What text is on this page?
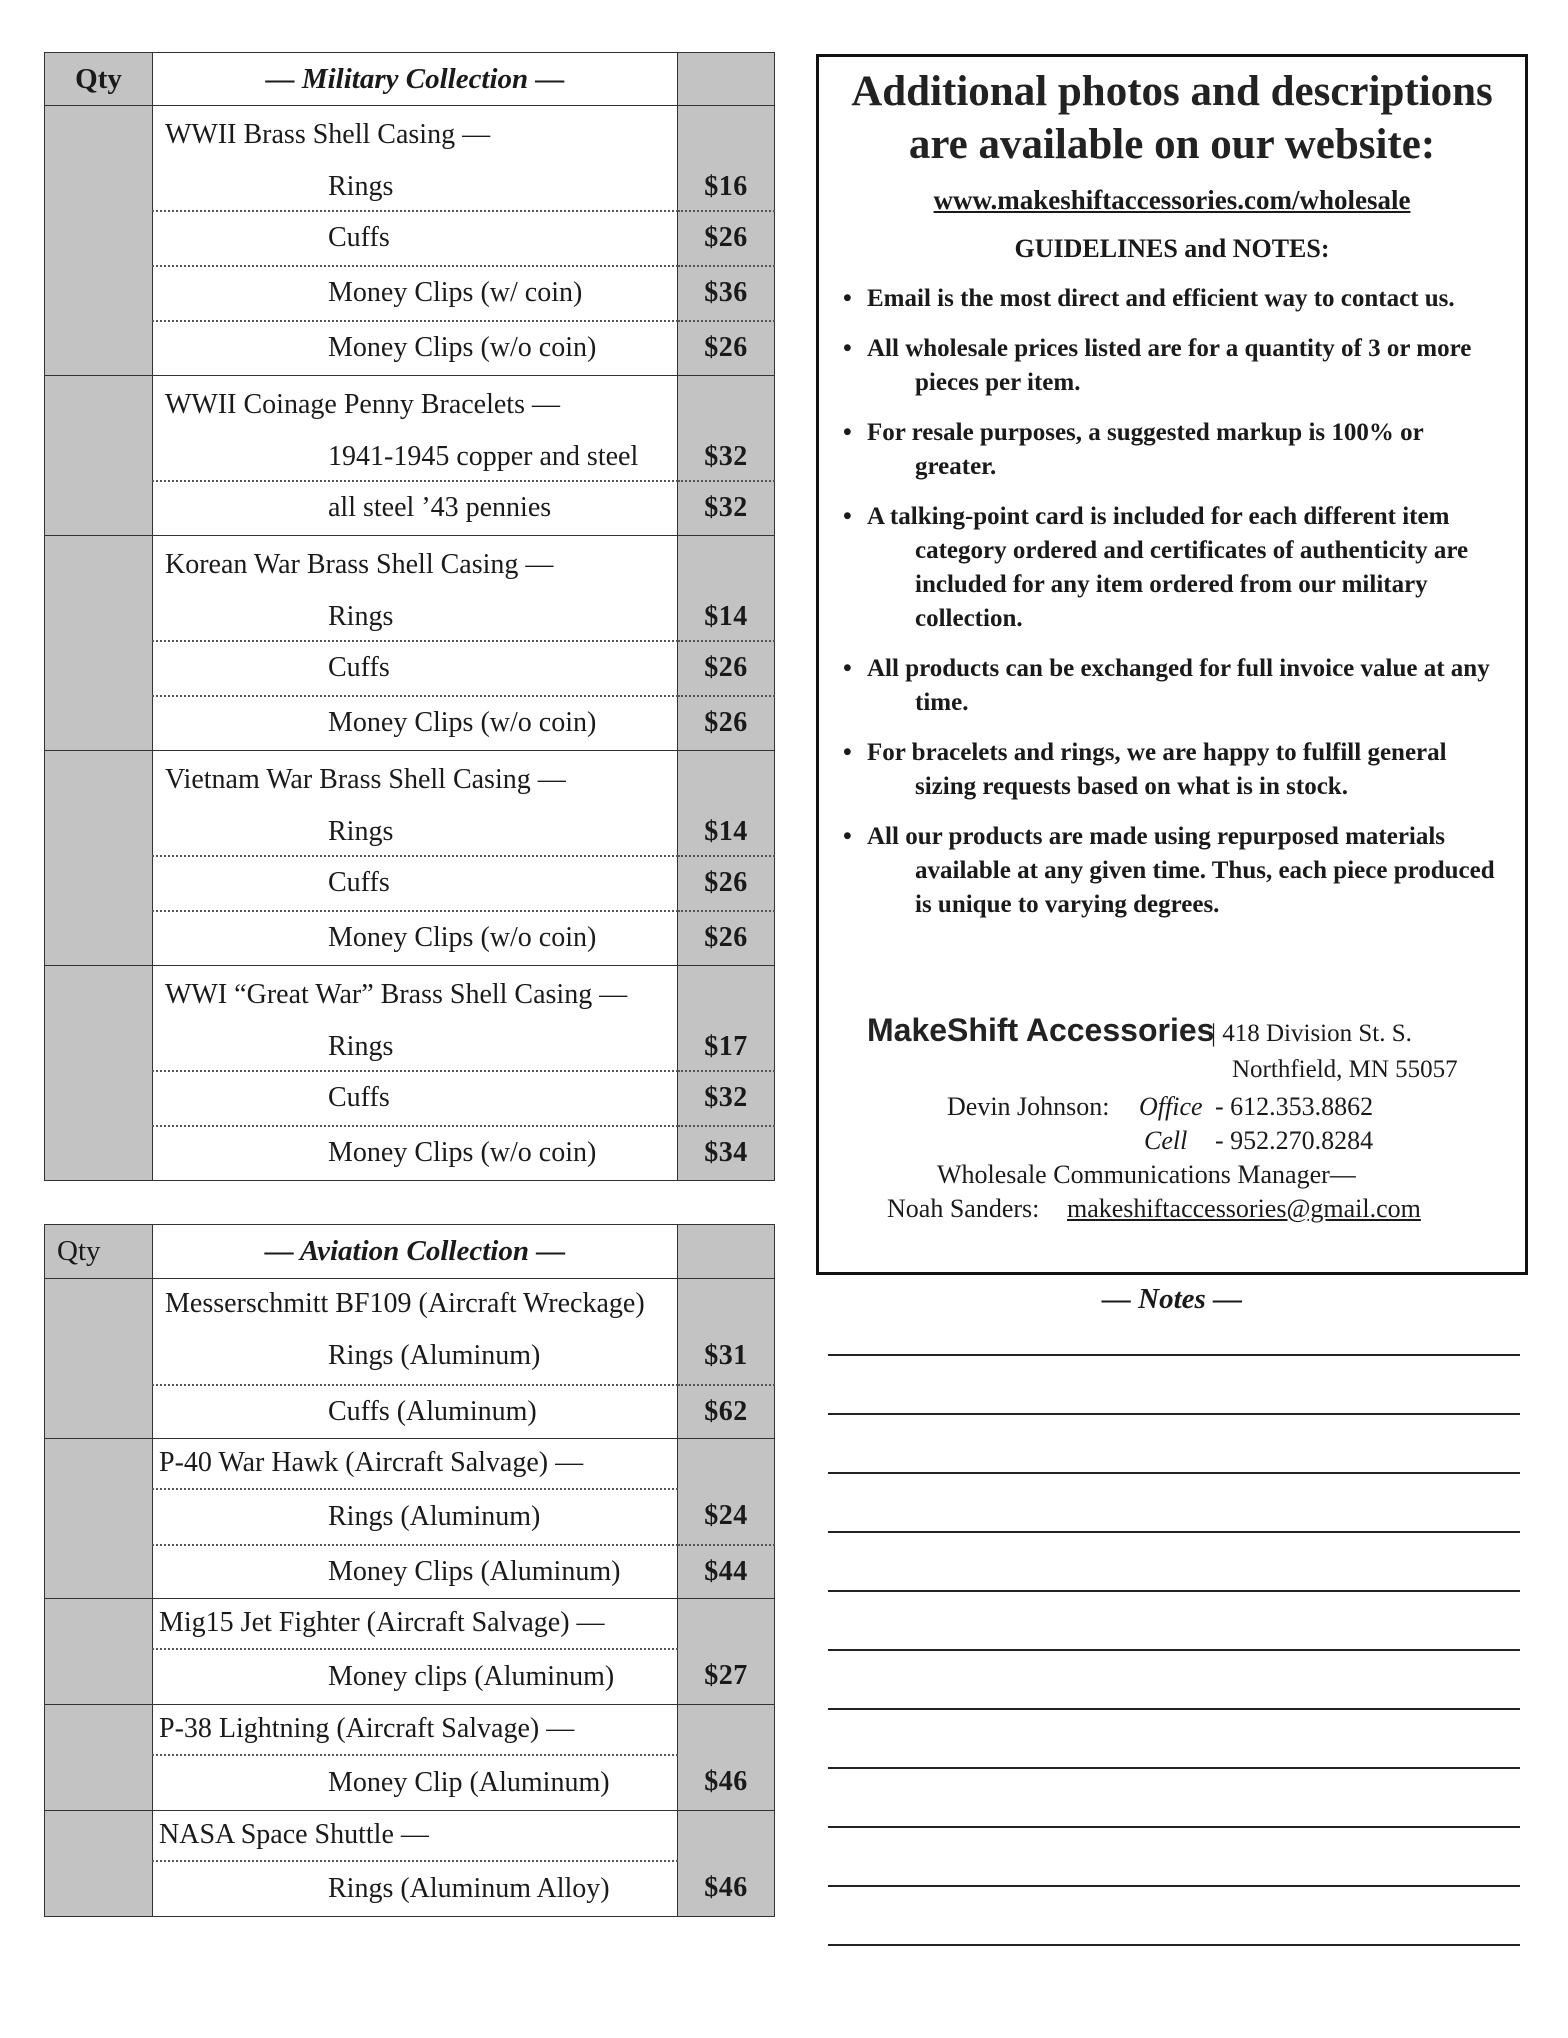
Qty	— Military Collection —	

	WWII Brass Shell Casing —	

	Rings	$16

	Cuffs	$26

	Money Clips (w/ coin)	$36

	Money Clips (w/o coin)	$26

	WWII Coinage Penny Bracelets —	

	1941-1945 copper and steel	$32

	all steel ’43 pennies	$32

	Korean War Brass Shell Casing —	

	Rings	$14

	Cuffs	$26

	Money Clips (w/o coin)	$26

	Vietnam War Brass Shell Casing —	

	Rings	$14

	Cuffs	$26

	Money Clips (w/o coin)	$26

	WWI “Great War” Brass Shell Casing —	

	Rings	$17

	Cuffs	$32

	Money Clips (w/o coin)	$34
Qty	— Aviation Collection —	

	Messerschmitt BF109 (Aircraft Wreckage)	

	Rings (Aluminum)	$31

	Cuffs (Aluminum)	$62

	P-40 War Hawk (Aircraft Salvage) —	

	Rings (Aluminum)	$24

	Money Clips (Aluminum)	$44

	Mig15 Jet Fighter (Aircraft Salvage) —	

	Money clips (Aluminum)	$27

	P-38 Lightning (Aircraft Salvage) —	

	Money Clip (Aluminum)	$46

	NASA Space Shuttle —	

	Rings (Aluminum Alloy)	$46
Additional photos and descriptions
are available on our website:
www.makeshiftaccessories.com/wholesale
GUIDELINES and NOTES:
• Email is the most direct and efficient way to contact us.
• All wholesale prices listed are for a quantity of 3 or more pieces per item.
• For resale purposes, a suggested markup is 100% or greater.
• A talking-point card is included for each different item category ordered and certificates of authenticity are included for any item ordered from our military collection.
• All products can be exchanged for full invoice value at any time.
• For bracelets and rings, we are happy to fulfill general sizing requests based on what is in stock.
• All our products are made using repurposed materials available at any given time. Thus, each piece produced is unique to varying degrees.
MakeShift Accessories
| 418 Division St. S.
Northfield, MN 55057
Devin Johnson: Office - 612.353.8862
Cell - 952.270.8284
Wholesale Communications Manager—
Noah Sanders: makeshiftaccessories@gmail.com
— Notes —
